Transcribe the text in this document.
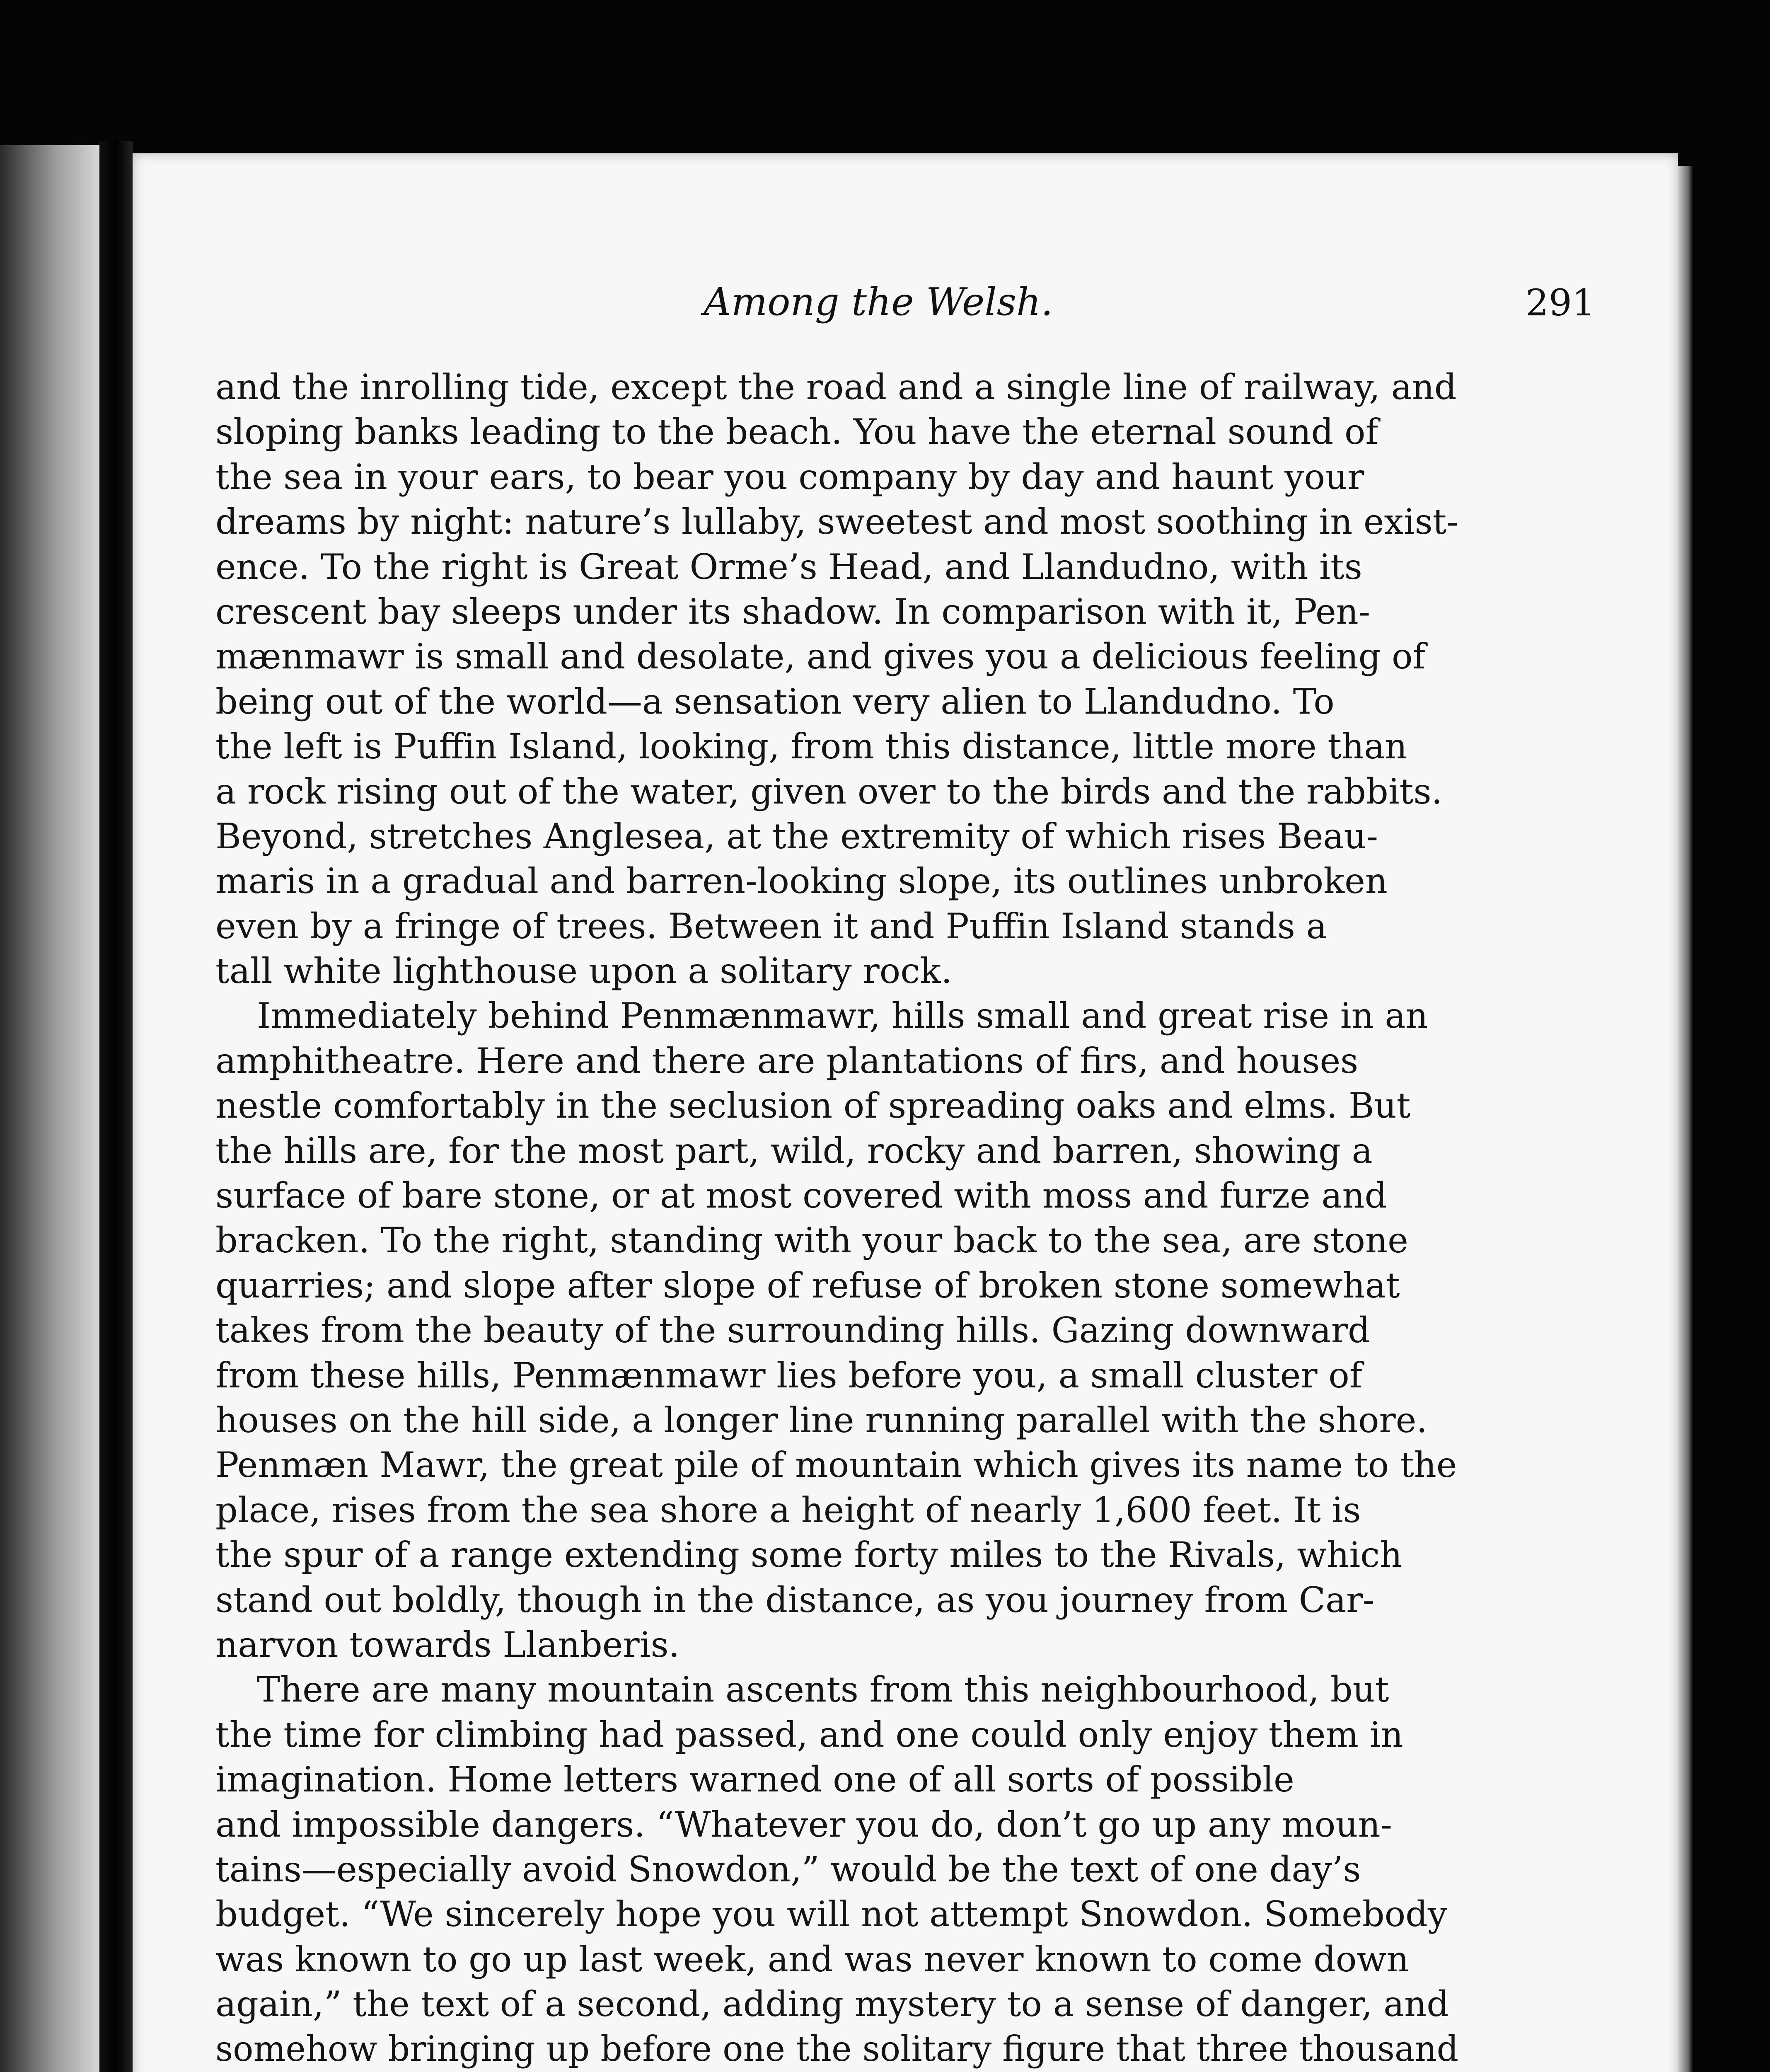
Among the Welsh.	291
and the inrolling tide, except the road and a single line of railway, and
sloping banks leading to the beach. You have the eternal sound of
the sea in your ears, to bear you company by day and haunt your
dreams by night: nature’s lullaby, sweetest and most soothing in exist-
ence. To the right is Great Orme’s Head, and Llandudno, with its
crescent bay sleeps under its shadow. In comparison with it, Pen-
mænmawr is small and desolate, and gives you a delicious feeling of
being out of the world—a sensation very alien to Llandudno. To
the left is Puffin Island, looking, from this distance, little more than
a rock rising out of the water, given over to the birds and the rabbits.
Beyond, stretches Anglesea, at the extremity of which rises Beau-
maris in a gradual and barren-looking slope, its outlines unbroken
even by a fringe of trees. Between it and Puffin Island stands a
tall white lighthouse upon a solitary rock.
Immediately behind Penmænmawr, hills small and great rise in an
amphitheatre. Here and there are plantations of firs, and houses
nestle comfortably in the seclusion of spreading oaks and elms. But
the hills are, for the most part, wild, rocky and barren, showing a
surface of bare stone, or at most covered with moss and furze and
bracken. To the right, standing with your back to the sea, are stone
quarries; and slope after slope of refuse of broken stone somewhat
takes from the beauty of the surrounding hills. Gazing downward
from these hills, Penmænmawr lies before you, a small cluster of
houses on the hill side, a longer line running parallel with the shore.
Penmæn Mawr, the great pile of mountain which gives its name to the
place, rises from the sea shore a height of nearly 1,600 feet. It is
the spur of a range extending some forty miles to the Rivals, which
stand out boldly, though in the distance, as you journey from Car-
narvon towards Llanberis.
There are many mountain ascents from this neighbourhood, but
the time for climbing had passed, and one could only enjoy them in
imagination. Home letters warned one of all sorts of possible
and impossible dangers. “Whatever you do, don’t go up any moun-
tains—especially avoid Snowdon,” would be the text of one day’s
budget. “We sincerely hope you will not attempt Snowdon. Somebody
was known to go up last week, and was never known to come down
again,” the text of a second, adding mystery to a sense of danger, and
somehow bringing up before one the solitary figure that three thousand
